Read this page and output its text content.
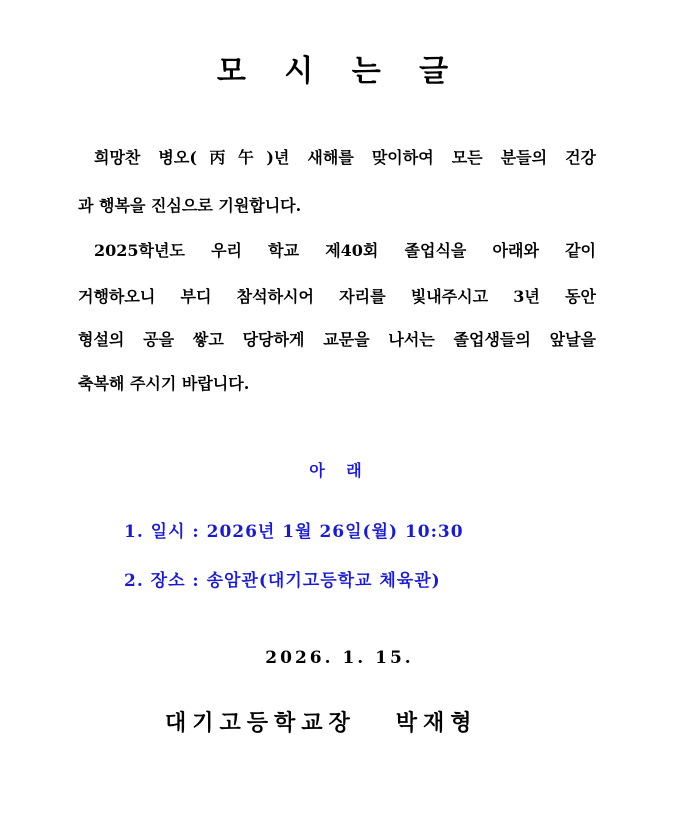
모 시 는 글
희망찬 병오(丙午)년 새해를 맞이하여 모든 분들의 건강
과 행복을 진심으로 기원합니다.
2025학년도 우리 학교 제40회 졸업식을 아래와 같이
거행하오니 부디 참석하시어 자리를 빛내주시고 3년 동안
형설의 공을 쌓고 당당하게 교문을 나서는 졸업생들의 앞날을
축복해 주시기 바랍니다.
아 래
1. 일시 : 2026년 1월 26일(월) 10:30
2. 장소 : 송암관(대기고등학교 체육관)
2026. 1. 15.
대기고등학교장 박재형
